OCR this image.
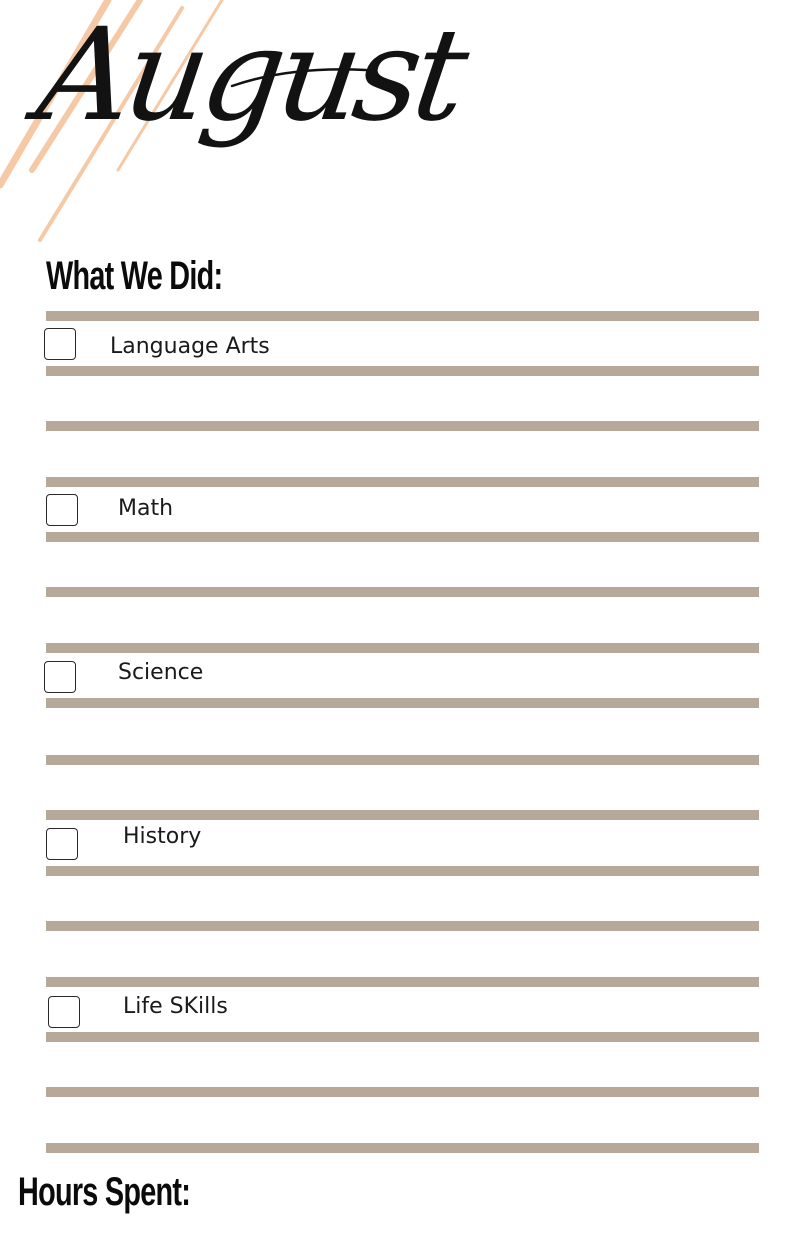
August
What We Did:
Language Arts
Math
Science
History
Life SKills
Hours Spent:
